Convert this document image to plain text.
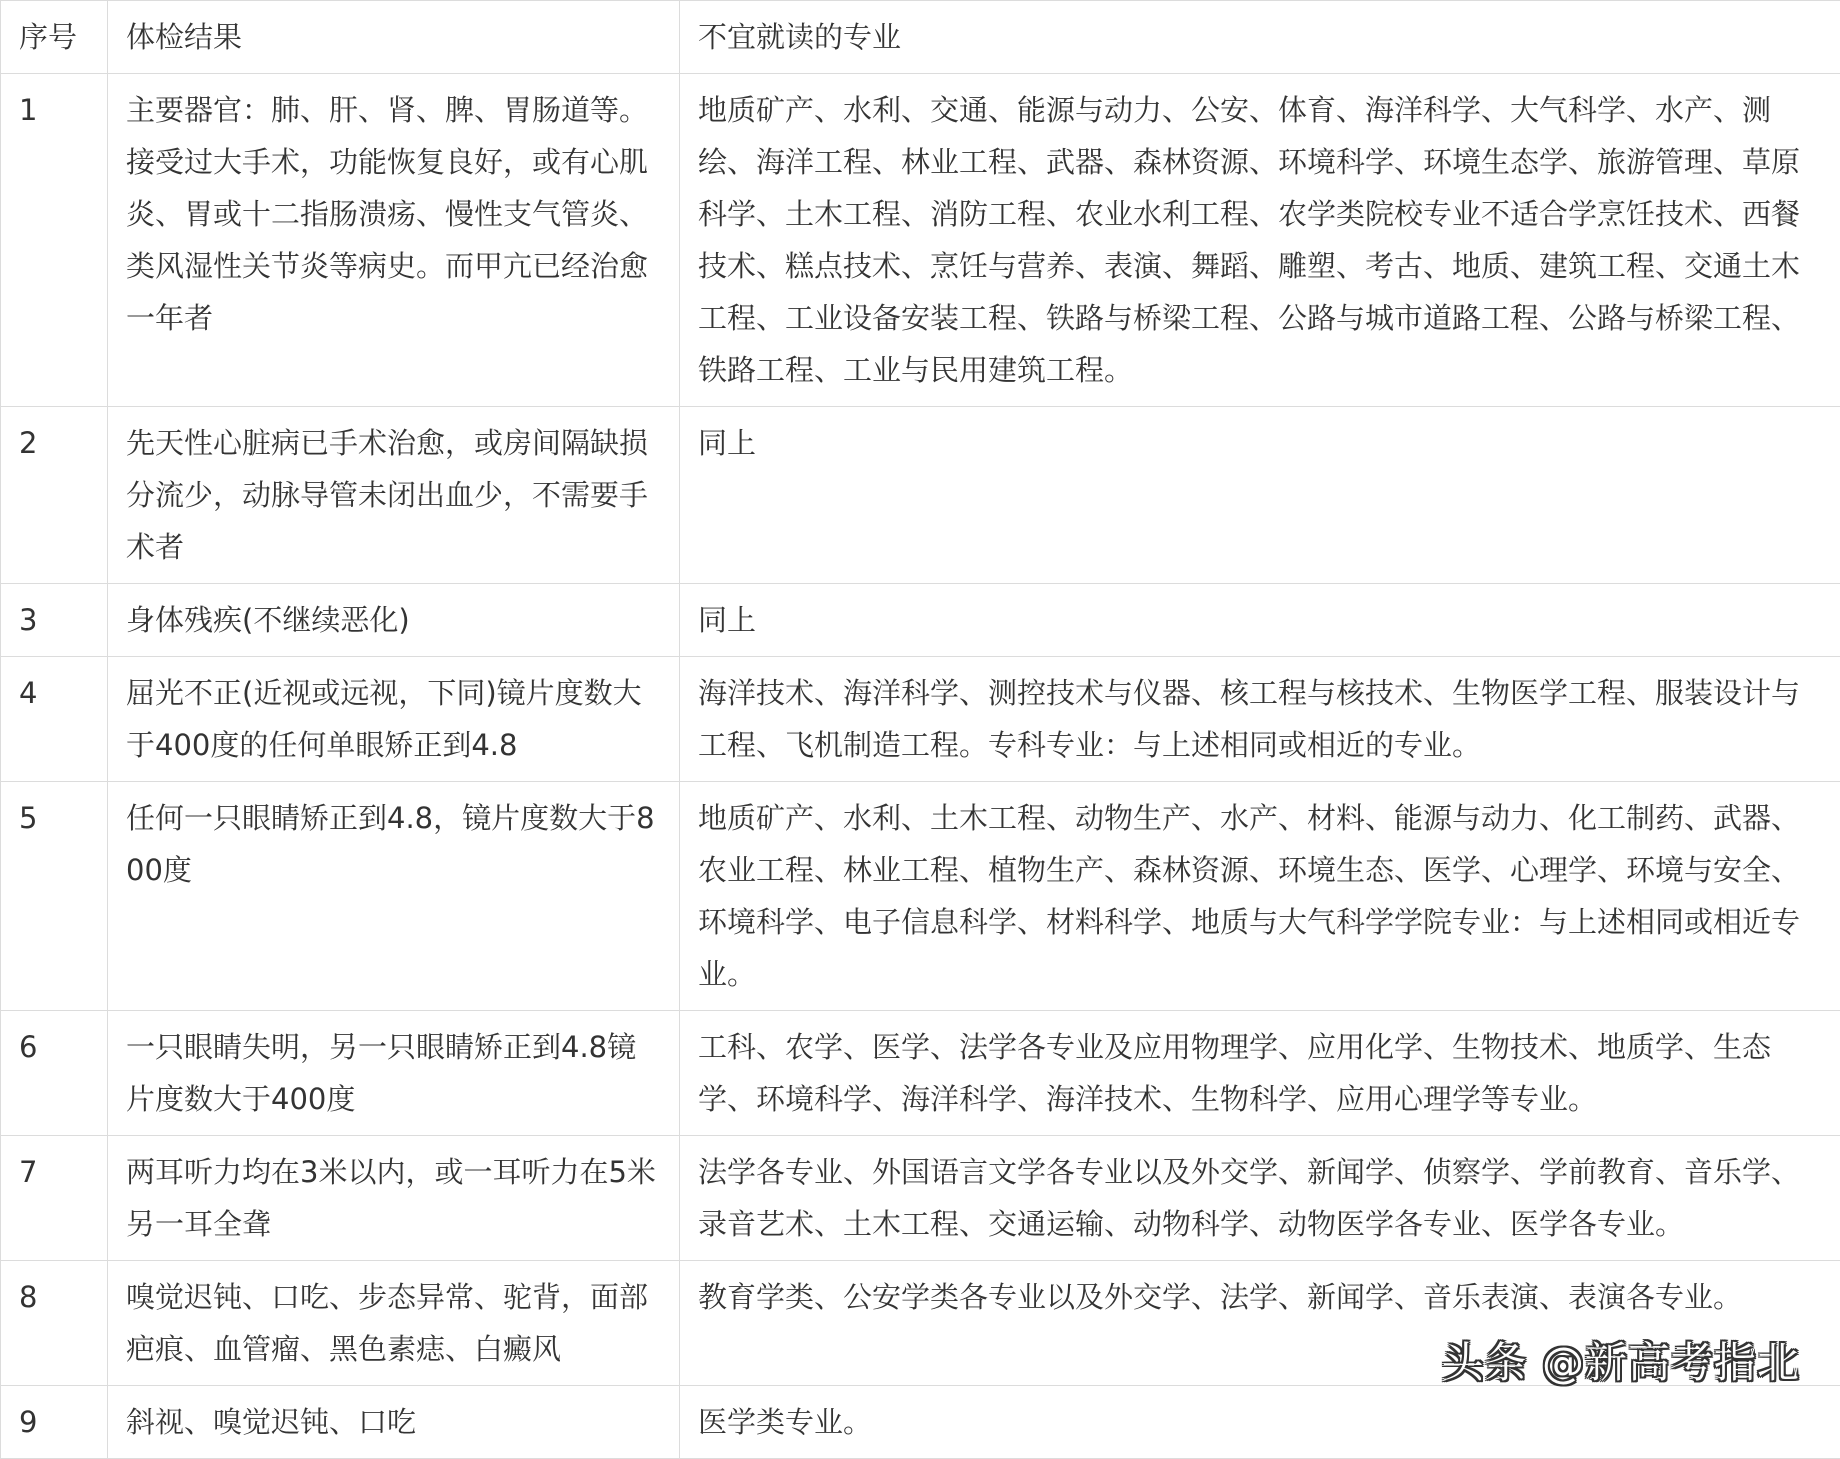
序号	体检结果	不宜就读的专业
1	主要器官：肺、肝、肾、脾、胃肠道等。接受过大手术，功能恢复良好，或有心肌炎、胃或十二指肠溃疡、慢性支气管炎、类风湿性关节炎等病史。而甲亢已经治愈一年者	地质矿产、水利、交通、能源与动力、公安、体育、海洋科学、大气科学、水产、测绘、海洋工程、林业工程、武器、森林资源、环境科学、环境生态学、旅游管理、草原科学、土木工程、消防工程、农业水利工程、农学类院校专业不适合学烹饪技术、西餐技术、糕点技术、烹饪与营养、表演、舞蹈、雕塑、考古、地质、建筑工程、交通土木工程、工业设备安装工程、铁路与桥梁工程、公路与城市道路工程、公路与桥梁工程、铁路工程、工业与民用建筑工程。
2	先天性心脏病已手术治愈，或房间隔缺损分流少，动脉导管未闭出血少，不需要手术者	同上
3	身体残疾(不继续恶化)	同上
4	屈光不正(近视或远视，下同)镜片度数大于400度的任何单眼矫正到4.8	海洋技术、海洋科学、测控技术与仪器、核工程与核技术、生物医学工程、服装设计与工程、飞机制造工程。专科专业：与上述相同或相近的专业。
5	任何一只眼睛矫正到4.8，镜片度数大于800度	地质矿产、水利、土木工程、动物生产、水产、材料、能源与动力、化工制药、武器、农业工程、林业工程、植物生产、森林资源、环境生态、医学、心理学、环境与安全、环境科学、电子信息科学、材料科学、地质与大气科学学院专业：与上述相同或相近专业。
6	一只眼睛失明，另一只眼睛矫正到4.8镜片度数大于400度	工科、农学、医学、法学各专业及应用物理学、应用化学、生物技术、地质学、生态学、环境科学、海洋科学、海洋技术、生物科学、应用心理学等专业。
7	两耳听力均在3米以内，或一耳听力在5米另一耳全聋	法学各专业、外国语言文学各专业以及外交学、新闻学、侦察学、学前教育、音乐学、录音艺术、土木工程、交通运输、动物科学、动物医学各专业、医学各专业。
8	嗅觉迟钝、口吃、步态异常、驼背，面部疤痕、血管瘤、黑色素痣、白癜风	教育学类、公安学类各专业以及外交学、法学、新闻学、音乐表演、表演各专业。
9	斜视、嗅觉迟钝、口吃	医学类专业。
头条 @新高考指北
